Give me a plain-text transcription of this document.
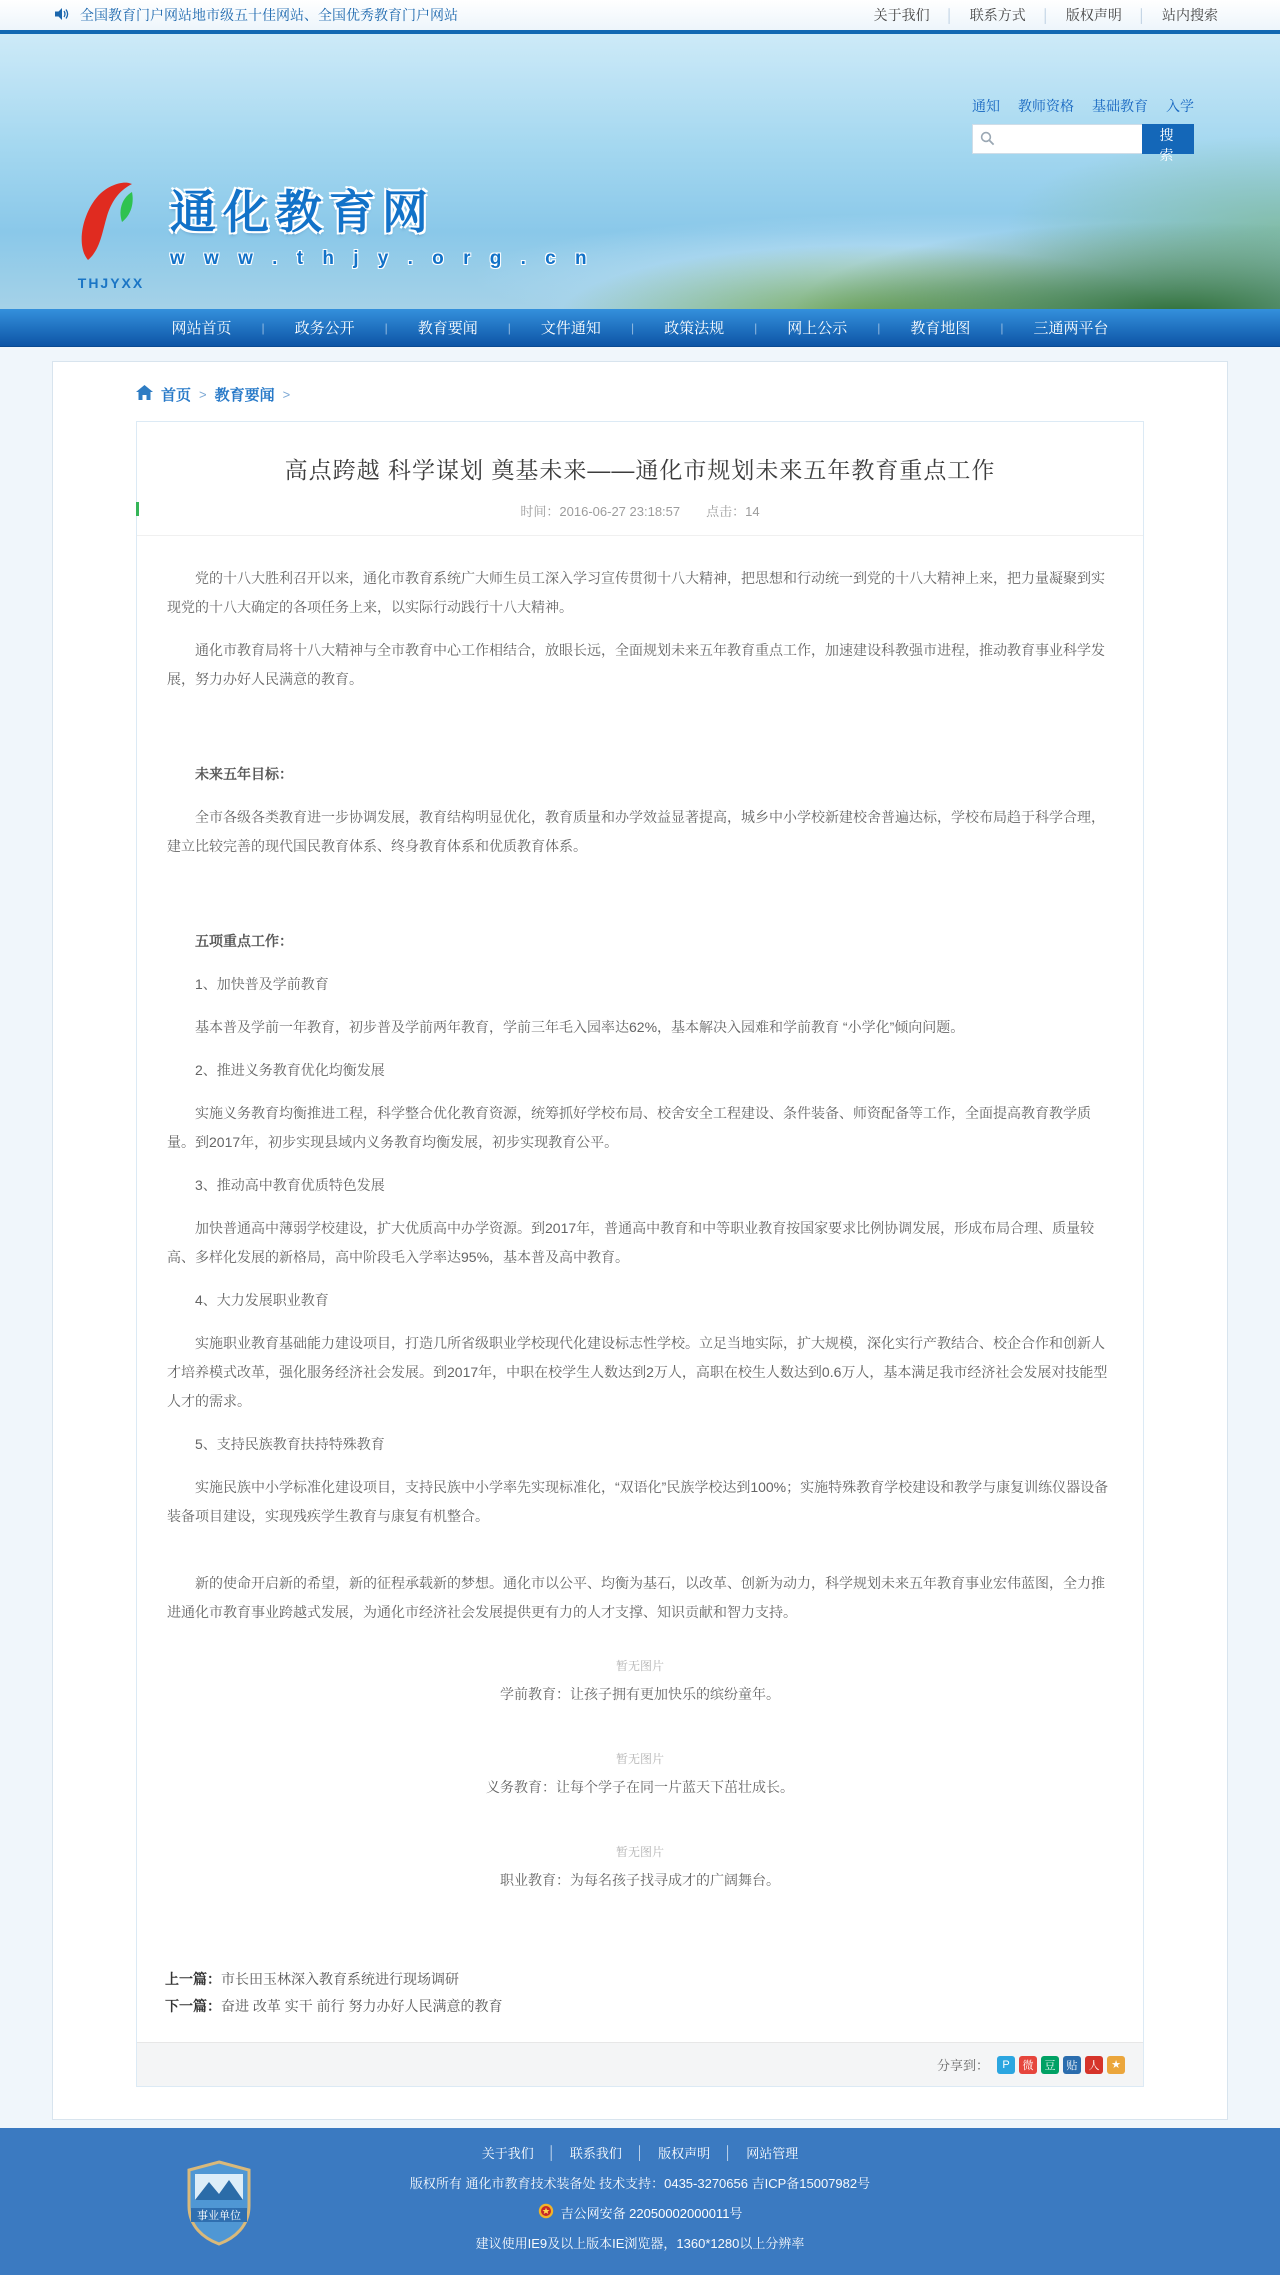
全国教育门户网站地市级五十佳网站、全国优秀教育门户网站	关于我们	│	联系方式	│	版权声明	│	站内搜索
THJYXX
通化教育网
w w w . t h j y . o r g . c n
通知 教师资格 基础教育 入学
搜 索
网站首页	|	政务公开	|	教育要闻	|	文件通知	|	政策法规	|	网上公示	|	教育地图	|	三通两平台
首页 > 教育要闻 >
高点跨越 科学谋划 奠基未来——通化市规划未来五年教育重点工作
时间：2016-06-27 23:18:57 点击：14

党的十八大胜利召开以来，通化市教育系统广大师生员工深入学习宣传贯彻十八大精神，把思想和行动统一到党的十八大精神上来，把力量凝聚到实现党的十八大确定的各项任务上来，以实际行动践行十八大精神。

通化市教育局将十八大精神与全市教育中心工作相结合，放眼长远，全面规划未来五年教育重点工作，加速建设科教强市进程，推动教育事业科学发展，努力办好人民满意的教育。

未来五年目标：

全市各级各类教育进一步协调发展，教育结构明显优化，教育质量和办学效益显著提高，城乡中小学校新建校舍普遍达标，学校布局趋于科学合理，建立比较完善的现代国民教育体系、终身教育体系和优质教育体系。

五项重点工作：

1、加快普及学前教育

基本普及学前一年教育，初步普及学前两年教育，学前三年毛入园率达62%，基本解决入园难和学前教育 “小学化”倾向问题。

2、推进义务教育优化均衡发展

实施义务教育均衡推进工程，科学整合优化教育资源，统筹抓好学校布局、校舍安全工程建设、条件装备、师资配备等工作，全面提高教育教学质量。到2017年，初步实现县域内义务教育均衡发展，初步实现教育公平。

3、推动高中教育优质特色发展

加快普通高中薄弱学校建设，扩大优质高中办学资源。到2017年，普通高中教育和中等职业教育按国家要求比例协调发展，形成布局合理、质量较高、多样化发展的新格局，高中阶段毛入学率达95%，基本普及高中教育。

4、大力发展职业教育

实施职业教育基础能力建设项目，打造几所省级职业学校现代化建设标志性学校。立足当地实际，扩大规模，深化实行产教结合、校企合作和创新人才培养模式改革，强化服务经济社会发展。到2017年，中职在校学生人数达到2万人，高职在校生人数达到0.6万人，基本满足我市经济社会发展对技能型人才的需求。

5、支持民族教育扶持特殊教育

实施民族中小学标准化建设项目，支持民族中小学率先实现标准化，“双语化”民族学校达到100%；实施特殊教育学校建设和教学与康复训练仪器设备装备项目建设，实现残疾学生教育与康复有机整合。

新的使命开启新的希望，新的征程承载新的梦想。通化市以公平、均衡为基石，以改革、创新为动力，科学规划未来五年教育事业宏伟蓝图，全力推进通化市教育事业跨越式发展，为通化市经济社会发展提供更有力的人才支撑、知识贡献和智力支持。

暂无图片
学前教育：让孩子拥有更加快乐的缤纷童年。
暂无图片
义务教育：让每个学子在同一片蓝天下茁壮成长。
暂无图片
职业教育：为每名孩子找寻成才的广阔舞台。
上一篇：市长田玉林深入教育系统进行现场调研
下一篇：奋进 改革 实干 前行 努力办好人民满意的教育
分享到：	P	微	豆	贴	人	★
事业单位
关于我们	│	联系我们	│	版权声明	│	网站管理
版权所有 通化市教育技术装备处 技术支持：0435-3270656 吉ICP备15007982号
吉公网安备 22050002000011号
建议使用IE9及以上版本IE浏览器，1360*1280以上分辨率
